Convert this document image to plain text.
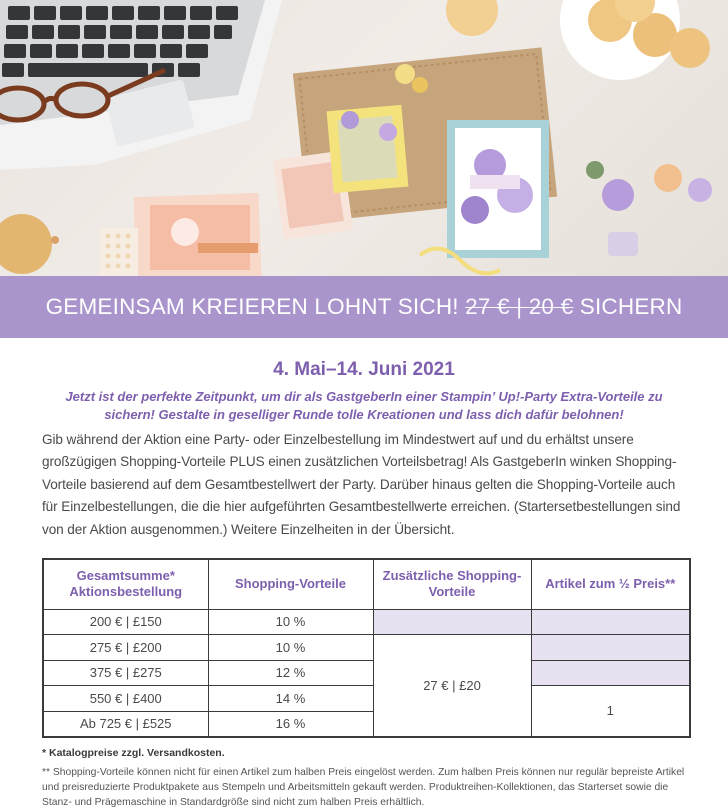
GEMEINSAM KREIEREN LOHNT SICH! 27 € | 20 € SICHERN
4. Mai–14. Juni 2021
Jetzt ist der perfekte Zeitpunkt, um dir als GastgeberIn einer Stampin’ Up!-Party Extra-Vorteile zu sichern! Gestalte in geselliger Runde tolle Kreationen und lass dich dafür belohnen!
Gib während der Aktion eine Party- oder Einzelbestellung im Mindestwert auf und du erhältst unsere großzügigen Shopping-Vorteile PLUS einen zusätzlichen Vorteilsbetrag! Als GastgeberIn winken Shopping-Vorteile basierend auf dem Gesamtbestellwert der Party. Darüber hinaus gelten die Shopping-Vorteile auch für Einzelbestellungen, die die hier aufgeführten Gesamtbestellwerte erreichen. (Startersetbestellungen sind von der Aktion ausgenommen.) Weitere Einzelheiten in der Übersicht.
Gesamtsumme* Aktionsbestellung	Shopping-Vorteile	Zusätzliche Shopping-Vorteile	Artikel zum ½ Preis**
200 € | £150	10 %		
275 € | £200	10 %	27 € | £20	
375 € | £275	12 %		
550 € | £400	14 %		1
Ab 725 € | £525	16 %		
* Katalogpreise zzgl. Versandkosten.
** Shopping-Vorteile können nicht für einen Artikel zum halben Preis eingelöst werden. Zum halben Preis können nur regulär bepreiste Artikel und preisreduzierte Produktpakete aus Stempeln und Arbeitsmitteln gekauft werden. Produktreihen-Kollektionen, das Starterset sowie die Stanz- und Prägemaschine in Standardgröße sind nicht zum halben Preis erhältlich.
